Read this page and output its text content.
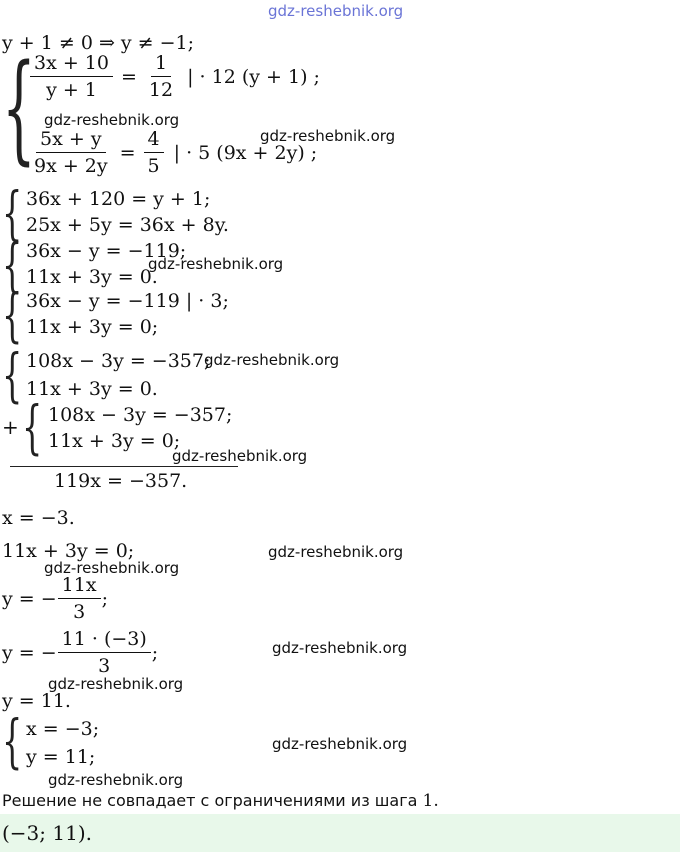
gdz-reshebnik.org
y + 1 ≠ 0 ⇒ y ≠ −1;
{
$\frac{3x + 10}{y + 1} = \frac{1}{12}$ | · 12 (y + 1) ;
$\frac{5x + y}{9x + 2y} = \frac{4}{5}$ | · 5 (9x + 2y) ;
{ 36x + 120 = y + 1;
25x + 5y = 36x + 8y.
{ 36x − y = −119;
11x + 3y = 0.
{ 36x − y = −119 | · 3;
11x + 3y = 0;
{ 108x − 3y = −357;
11x + 3y = 0.
+ { 108x − 3y = −357;
11x + 3y = 0;
119x = −357.
x = −3.
11x + 3y = 0;
y = − $\frac{11x}{3}$ ;
y = − $\frac{11 \cdot (-3)}{3}$ ;
y = 11.
{ x = −3;
y = 11;
Решение не совпадает с ограничениями из шага 1.
(−3; 11).
gdz-reshebnik.org
gdz-reshebnik.org
gdz-reshebnik.org
gdz-reshebnik.org
gdz-reshebnik.org
gdz-reshebnik.org
gdz-reshebnik.org
gdz-reshebnik.org
gdz-reshebnik.org
gdz-reshebnik.org
gdz-reshebnik.org
